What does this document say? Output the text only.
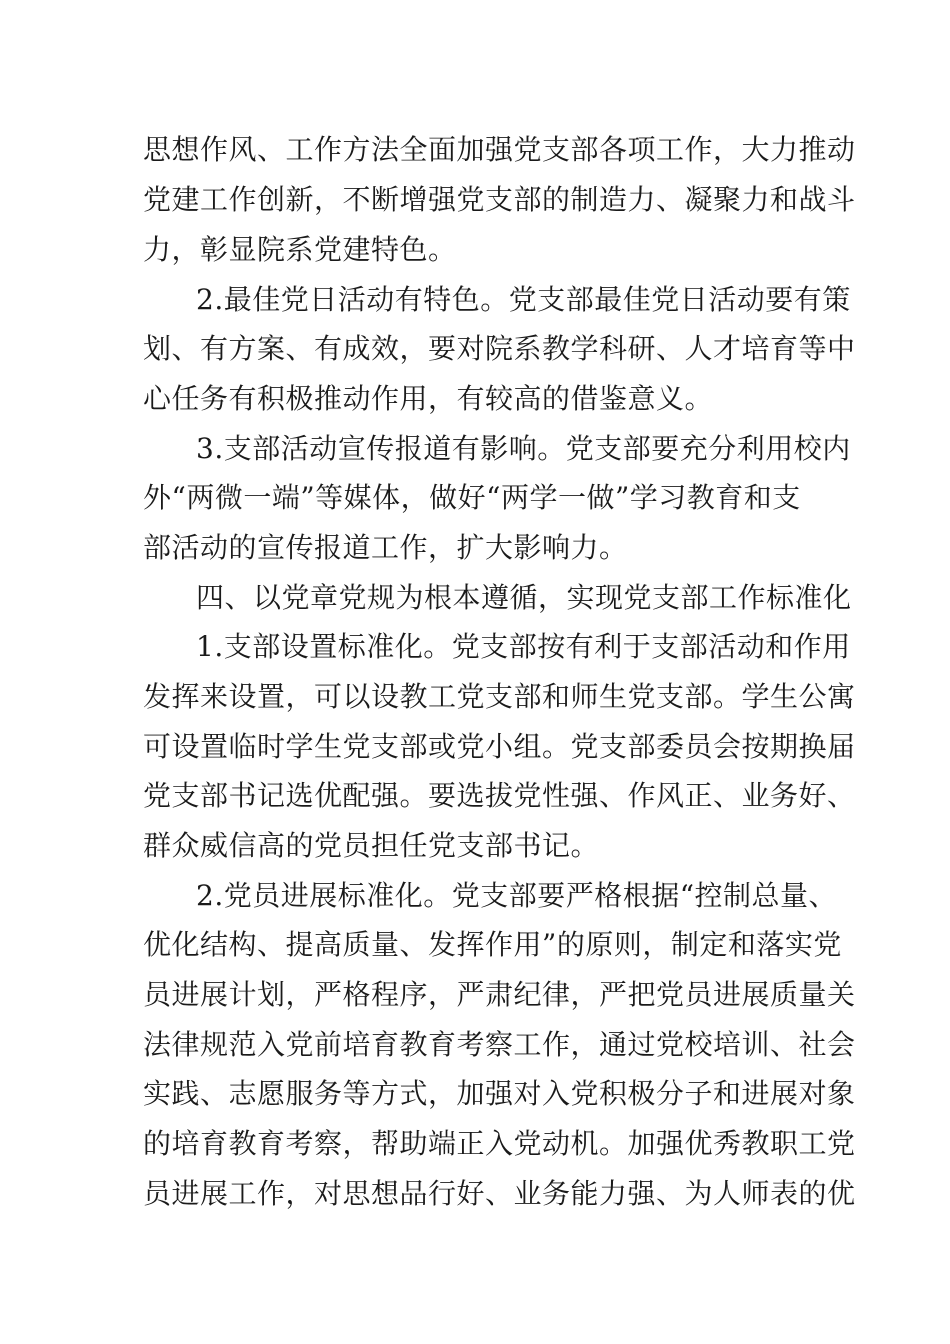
思想作风、工作方法全面加强党支部各项工作，大力推动
党建工作创新，不断增强党支部的制造力、凝聚力和战斗
力，彰显院系党建特色。
2.最佳党日活动有特色。党支部最佳党日活动要有策
划、有方案、有成效，要对院系教学科研、人才培育等中
心任务有积极推动作用，有较高的借鉴意义。
3.支部活动宣传报道有影响。党支部要充分利用校内
外“两微一端”等媒体，做好“两学一做”学习教育和支
部活动的宣传报道工作，扩大影响力。
四、以党章党规为根本遵循，实现党支部工作标准化
1.支部设置标准化。党支部按有利于支部活动和作用
发挥来设置，可以设教工党支部和师生党支部。学生公寓
可设置临时学生党支部或党小组。党支部委员会按期换届
党支部书记选优配强。要选拔党性强、作风正、业务好、
群众威信高的党员担任党支部书记。
2.党员进展标准化。党支部要严格根据“控制总量、
优化结构、提高质量、发挥作用”的原则，制定和落实党
员进展计划，严格程序，严肃纪律，严把党员进展质量关
法律规范入党前培育教育考察工作，通过党校培训、社会
实践、志愿服务等方式，加强对入党积极分子和进展对象
的培育教育考察，帮助端正入党动机。加强优秀教职工党
员进展工作，对思想品行好、业务能力强、为人师表的优
